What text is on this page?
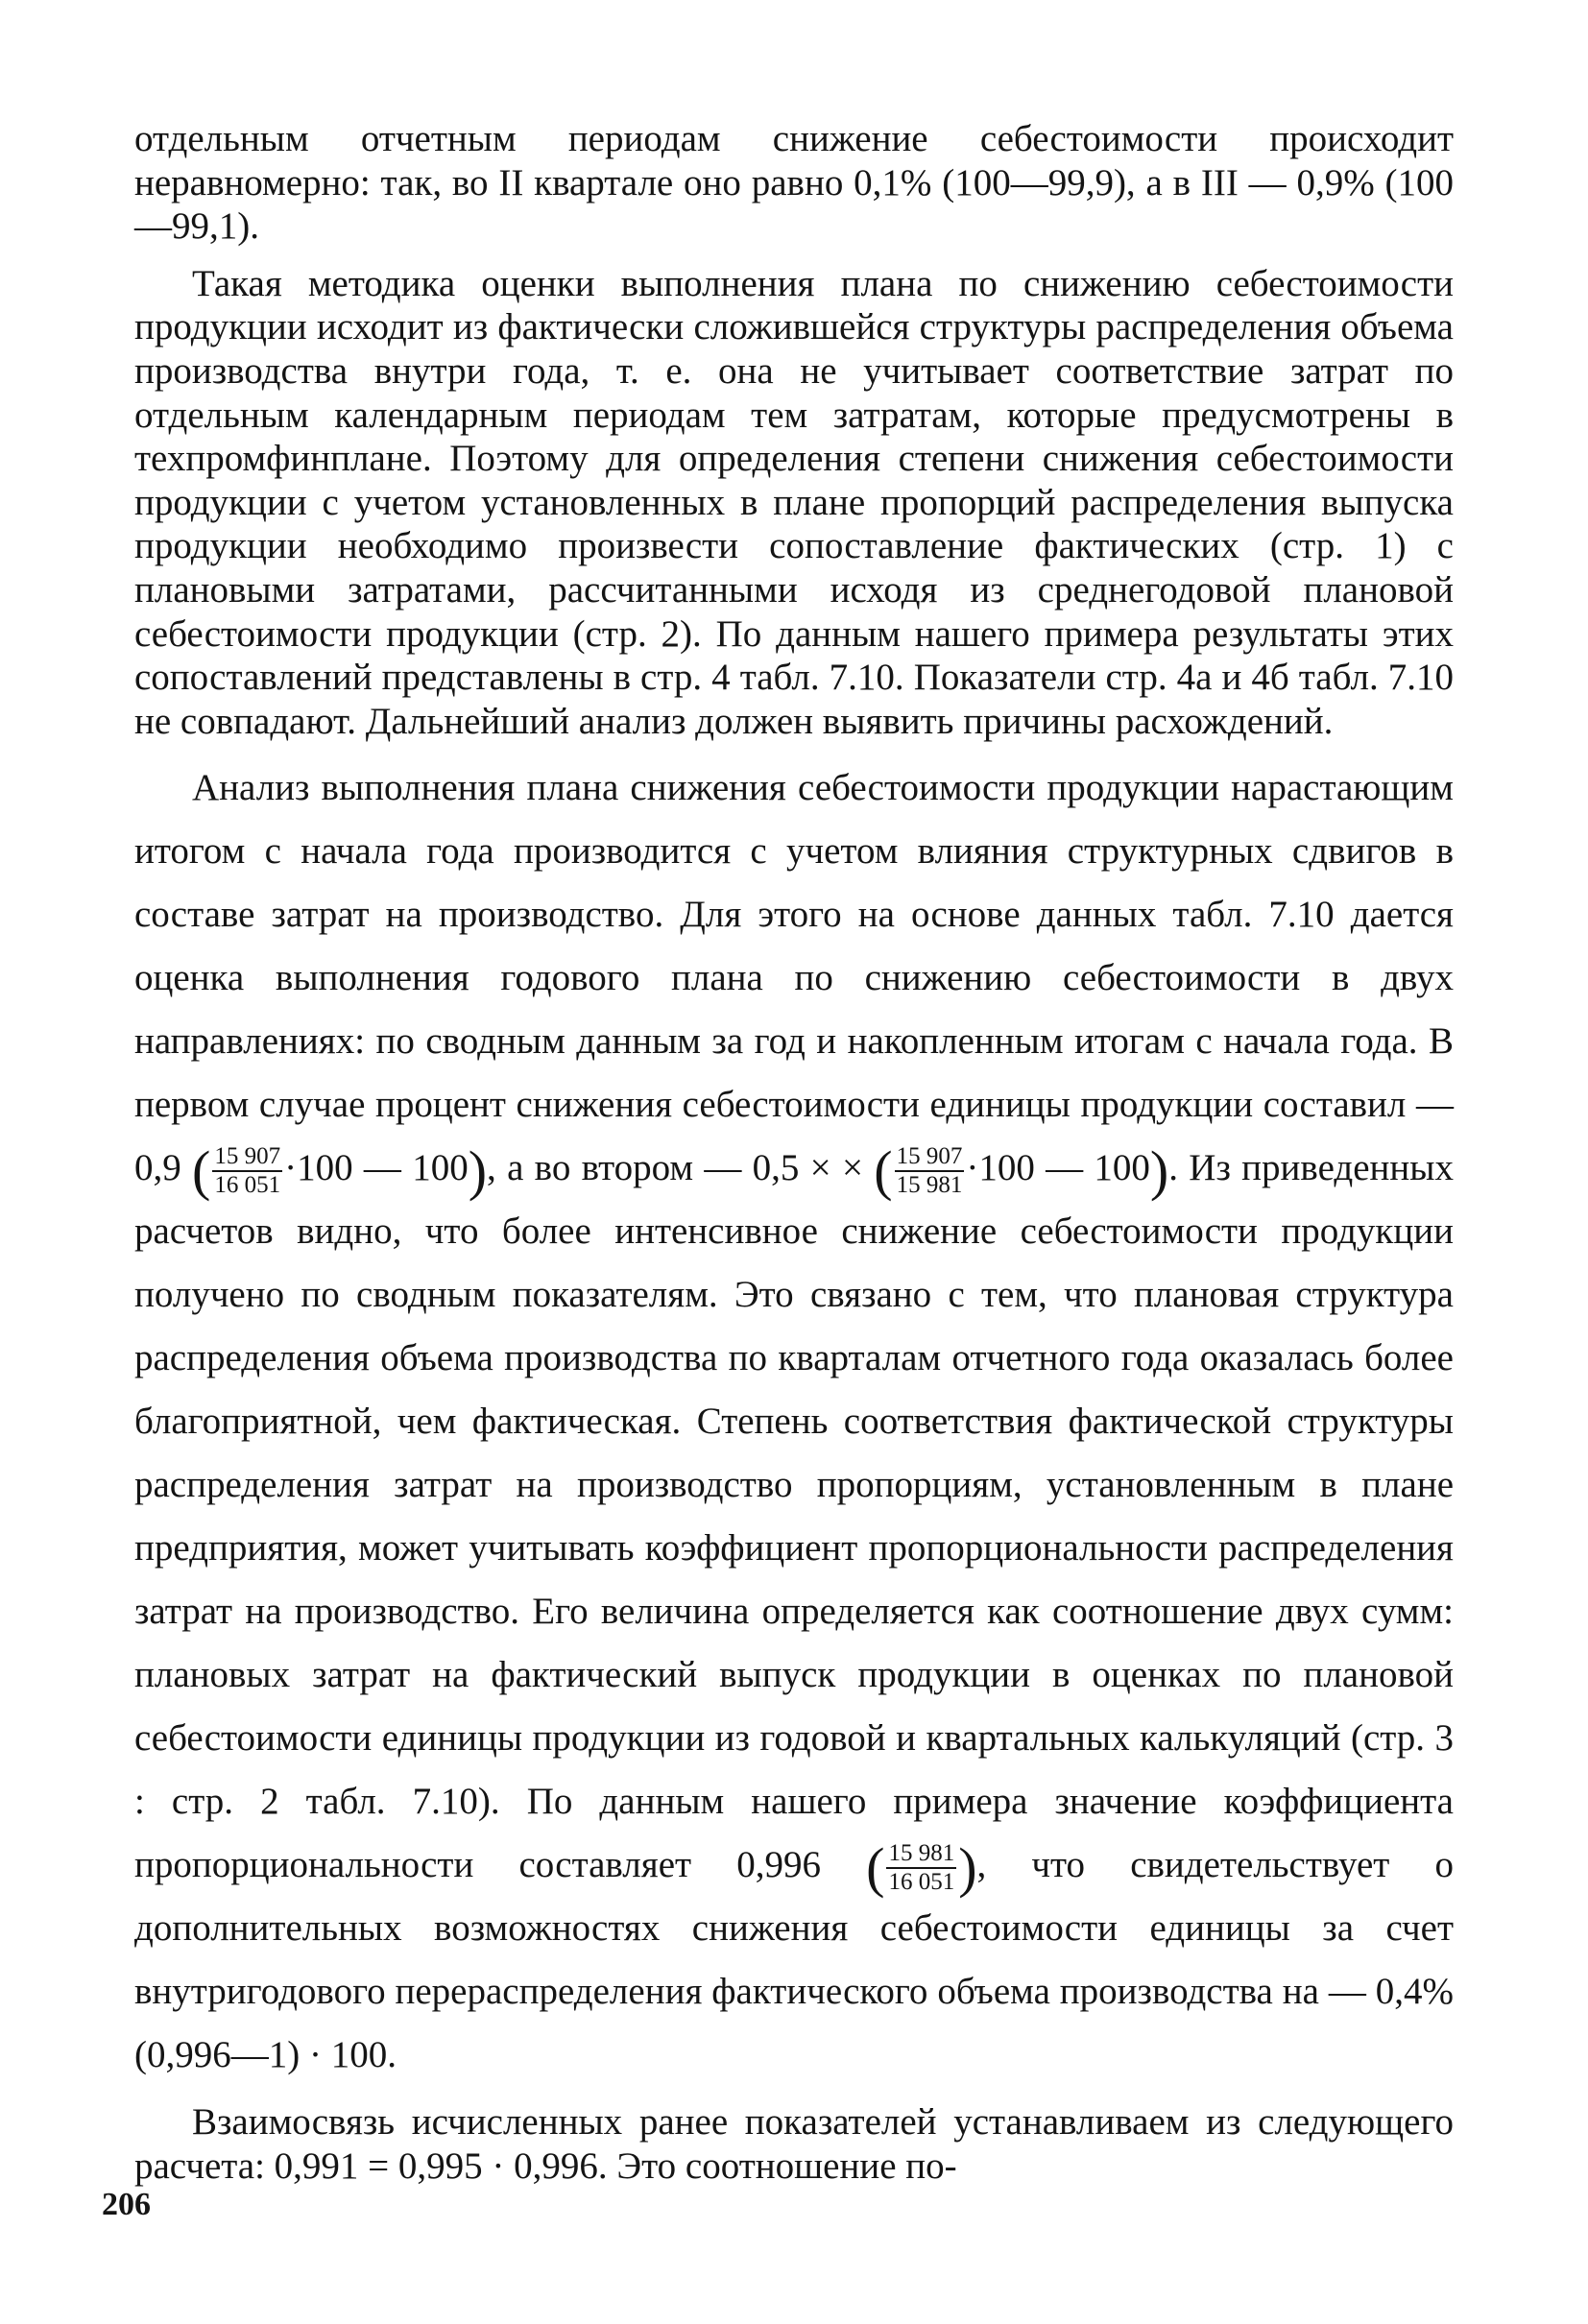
отдельным отчетным периодам снижение себестоимости происходит неравномерно: так, во II квартале оно равно 0,1% (100—99,9), а в III — 0,9% (100—99,1).

Такая методика оценки выполнения плана по снижению себестоимости продукции исходит из фактически сложившейся структуры распределения объема производства внутри года, т. е. она не учитывает соответствие затрат по отдельным календарным периодам тем затратам, которые предусмотрены в техпромфинплане. Поэтому для определения степени снижения себестоимости продукции с учетом установленных в плане пропорций распределения выпуска продукции необходимо произвести сопоставление фактических (стр. 1) с плановыми затратами, рассчитанными исходя из среднегодовой плановой себестоимости продукции (стр. 2). По данным нашего примера результаты этих сопоставлений представлены в стр. 4 табл. 7.10. Показатели стр. 4а и 4б табл. 7.10 не совпадают. Дальнейший анализ должен выявить причины расхождений.

Анализ выполнения плана снижения себестоимости продукции нарастающим итогом с начала года производится с учетом влияния структурных сдвигов в составе затрат на производство. Для этого на основе данных табл. 7.10 дается оценка выполнения годового плана по снижению себестоимости в двух направлениях: по сводным данным за год и накопленным итогам с начала года. В первом случае процент снижения себестоимости единицы продукции составил — 0,9 ( $\frac{15 907}{16 051} \cdot 100$ — 100), а во втором — 0,5 × × ( $\frac{15 907}{15 981} \cdot 100$ — 100). Из приведенных расчетов видно, что более интенсивное снижение себестоимости продукции получено по сводным показателям. Это связано с тем, что плановая структура распределения объема производства по кварталам отчетного года оказалась более благоприятной, чем фактическая. Степень соответствия фактической структуры распределения затрат на производство пропорциям, установленным в плане предприятия, может учитывать коэффициент пропорциональности распределения затрат на производство. Его величина определяется как соотношение двух сумм: плановых затрат на фактический выпуск продукции в оценках по плановой себестоимости единицы продукции из годовой и квартальных калькуляций (стр. 3 : стр. 2 табл. 7.10). По данным нашего примера значение коэффициента пропорциональности составляет 0,996 ( $\frac{15 981}{16 051}$ ), что свидетельствует о дополнительных возможностях снижения себестоимости единицы за счет внутригодового перераспределения фактического объема производства на — 0,4% (0,996—1) · 100.

Взаимосвязь исчисленных ранее показателей устанавливаем из следующего расчета: 0,991 = 0,995 · 0,996. Это соотношение по-

206
